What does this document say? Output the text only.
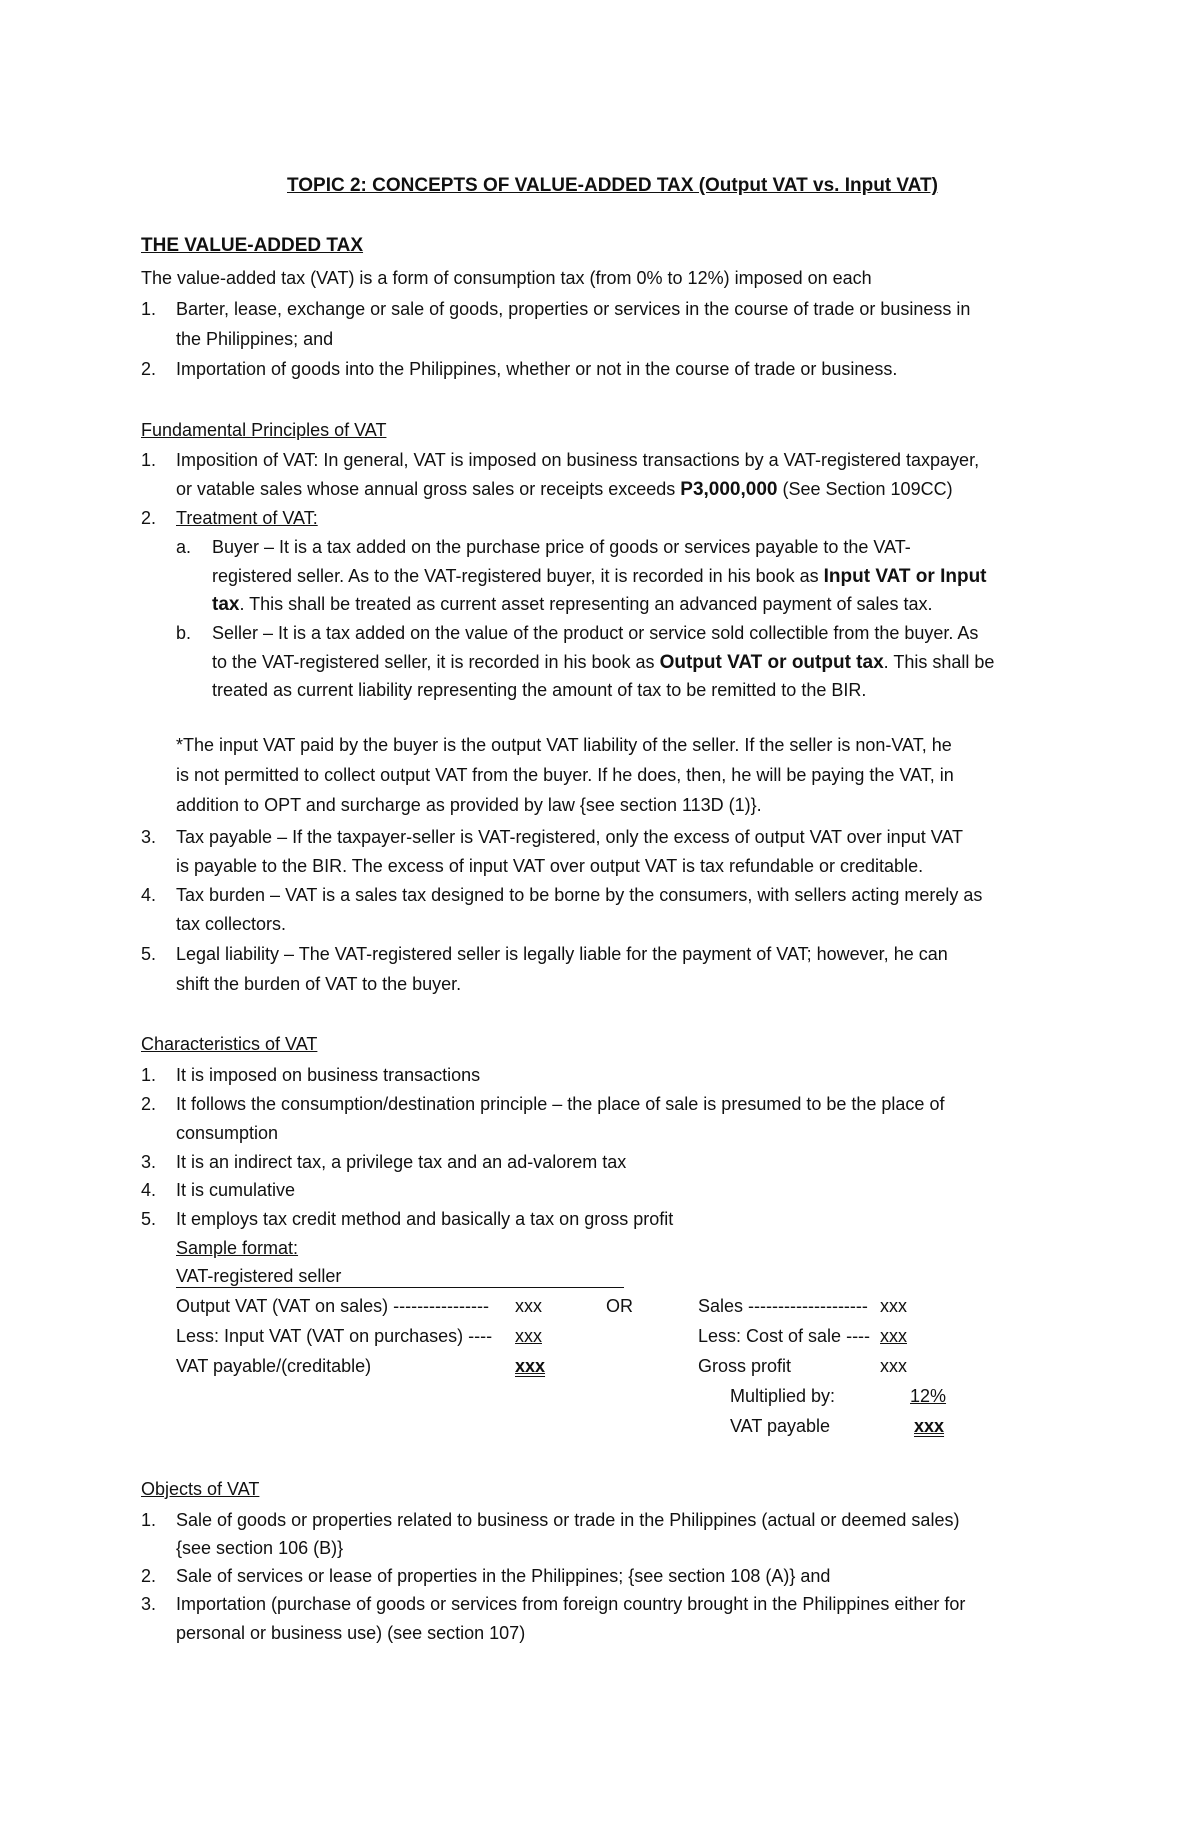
TOPIC 2: CONCEPTS OF VALUE-ADDED TAX (Output VAT vs. Input VAT)
THE VALUE-ADDED TAX
The value-added tax (VAT) is a form of consumption tax (from 0% to 12%) imposed on each
1. Barter, lease, exchange or sale of goods, properties or services in the course of trade or business in
the Philippines; and
2. Importation of goods into the Philippines, whether or not in the course of trade or business.
Fundamental Principles of VAT
1. Imposition of VAT: In general, VAT is imposed on business transactions by a VAT-registered taxpayer,
or vatable sales whose annual gross sales or receipts exceeds P3,000,000 (See Section 109CC)
2. Treatment of VAT:
a. Buyer – It is a tax added on the purchase price of goods or services payable to the VAT-
registered seller. As to the VAT-registered buyer, it is recorded in his book as Input VAT or Input
tax. This shall be treated as current asset representing an advanced payment of sales tax.
b. Seller – It is a tax added on the value of the product or service sold collectible from the buyer. As
to the VAT-registered seller, it is recorded in his book as Output VAT or output tax. This shall be
treated as current liability representing the amount of tax to be remitted to the BIR.
*The input VAT paid by the buyer is the output VAT liability of the seller. If the seller is non-VAT, he
is not permitted to collect output VAT from the buyer. If he does, then, he will be paying the VAT, in
addition to OPT and surcharge as provided by law {see section 113D (1)}.
3. Tax payable – If the taxpayer-seller is VAT-registered, only the excess of output VAT over input VAT
is payable to the BIR. The excess of input VAT over output VAT is tax refundable or creditable.
4. Tax burden – VAT is a sales tax designed to be borne by the consumers, with sellers acting merely as
tax collectors.
5. Legal liability – The VAT-registered seller is legally liable for the payment of VAT; however, he can
shift the burden of VAT to the buyer.
Characteristics of VAT
1. It is imposed on business transactions
2. It follows the consumption/destination principle – the place of sale is presumed to be the place of
consumption
3. It is an indirect tax, a privilege tax and an ad-valorem tax
4. It is cumulative
5. It employs tax credit method and basically a tax on gross profit
Sample format:
VAT-registered seller
Output VAT (VAT on sales) ---------------- xxx	OR
Less: Input VAT (VAT on purchases) ---- xxx
VAT payable/(creditable)	xxx
Sales -------------------- xxx
Less: Cost of sale ---- xxx
Gross profit	xxx
Multiplied by:	12%
VAT payable	xxx
Objects of VAT
1. Sale of goods or properties related to business or trade in the Philippines (actual or deemed sales)
{see section 106 (B)}
2. Sale of services or lease of properties in the Philippines; {see section 108 (A)} and
3. Importation (purchase of goods or services from foreign country brought in the Philippines either for
personal or business use) (see section 107)
